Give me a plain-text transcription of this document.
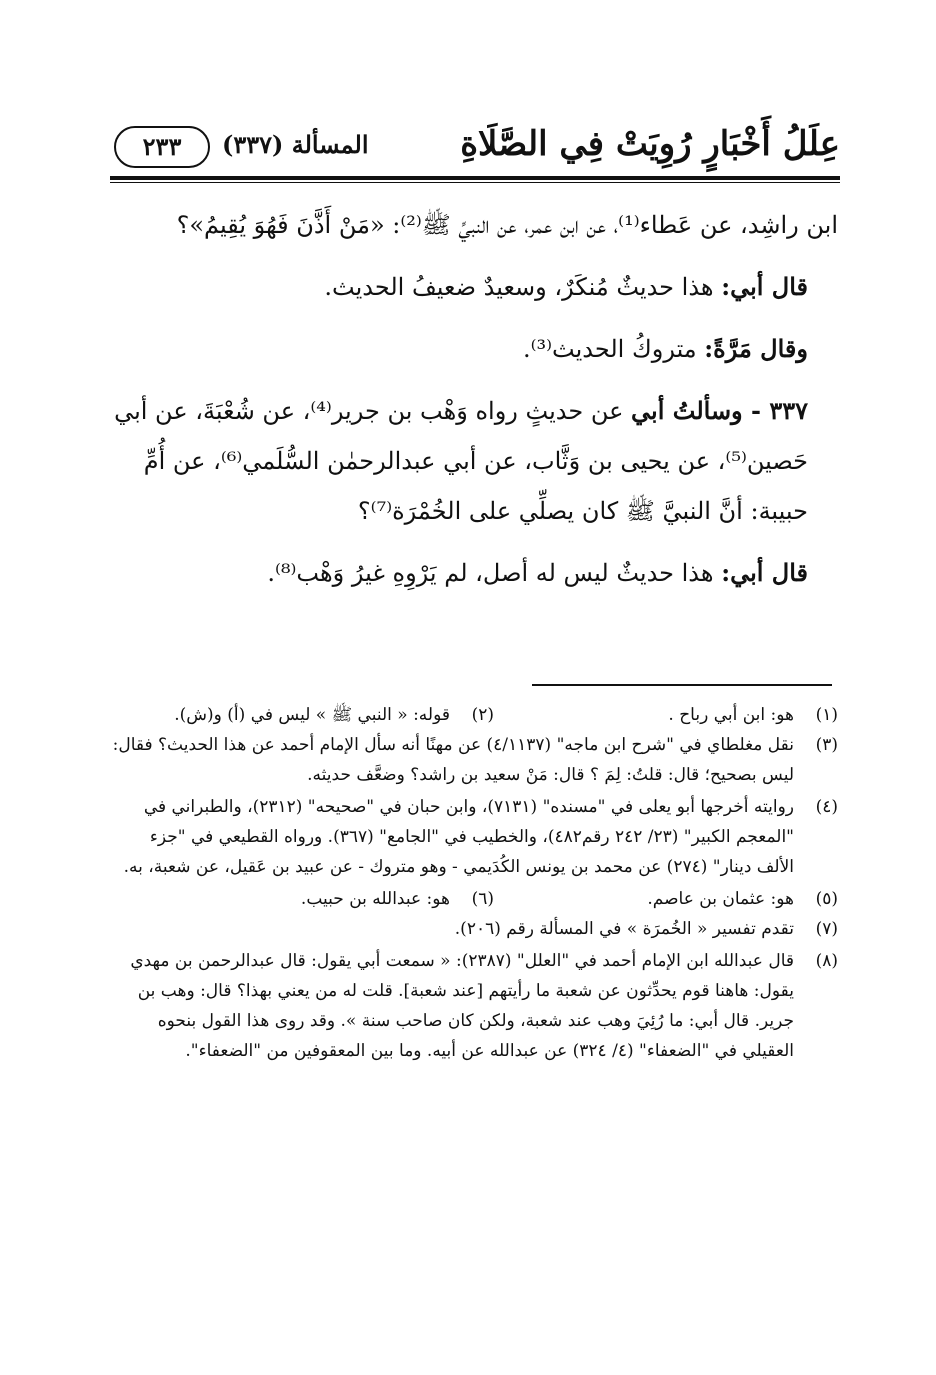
عِلَلُ أَخْبَارٍ رُوِيَتْ فِي الصَّلَاةِ
المسألة (٣٣٧)
٢٣٣

ابن راشِد، عن عَطاء⁽¹⁾، عن ابن عمر، عن النبيِّ ﷺ⁽²⁾: «مَنْ أَذَّنَ فَهُوَ يُقِيمُ»؟

قال أبي: هذا حديثٌ مُنكَرٌ، وسعيدٌ ضعيفُ الحديث.

وقال مَرَّةً: متروكُ الحديث⁽³⁾.

٣٣٧ - وسألتُ أبي عن حديثٍ رواه وَهْب بن جرير⁽⁴⁾، عن شُعْبَةَ، عن أبي حَصين⁽⁵⁾، عن يحيى بن وَثَّاب، عن أبي عبدالرحمٰن السُّلَمي⁽⁶⁾، عن أُمِّ حبيبة: أنَّ النبيَّ ﷺ كان يصلِّي على الخُمْرَة⁽⁷⁾؟

قال أبي: هذا حديثٌ ليس له أصل، لم يَرْوِهِ غيرُ وَهْب⁽⁸⁾.

(١)
هو: ابن أبي رباح .
(٢)
قوله: « النبي ﷺ » ليس في (أ) و(ش).
(٣)
نقل مغلطاي في "شرح ابن ماجه" (٤/١١٣٧) عن مهنًا أنه سأل الإمام أحمد عن هذا الحديث؟ فقال: ليس بصحيح؛ قال: قلتُ: لِمَ ؟ قال: مَنْ سعيد بن راشد؟ وضعَّف حديثه.
(٤)
روايته أخرجها أبو يعلى في "مسنده" (٧١٣١)، وابن حبان في "صحيحه" (٢٣١٢)، والطبراني في "المعجم الكبير" (٢٣/ ٢٤٢ رقم٤٨٢)، والخطيب في "الجامع" (٣٦٧). ورواه القطيعي في "جزء الألف دينار" (٢٧٤) عن محمد بن يونس الكُدَيمي - وهو متروك - عن عبيد بن عَقيل، عن شعبة، به.
(٥)
هو: عثمان بن عاصم.
(٦)
هو: عبدالله بن حبيب.
(٧)
تقدم تفسير « الخُمرَة » في المسألة رقم (٢٠٦).
(٨)
قال عبدالله ابن الإمام أحمد في "العلل" (٢٣٨٧): « سمعت أبي يقول: قال عبدالرحمن بن مهدي يقول: هاهنا قوم يحدِّثون عن شعبة ما رأيتهم [عند شعبة]. قلت له من يعني بهذا؟ قال: وهب بن جرير. قال أبي: ما رُئِيَ وهب عند شعبة، ولكن كان صاحب سنة ». وقد روى هذا القول بنحوه العقيلي في "الضعفاء" (٤/ ٣٢٤) عن عبدالله عن أبيه. وما بين المعقوفين من "الضعفاء".
